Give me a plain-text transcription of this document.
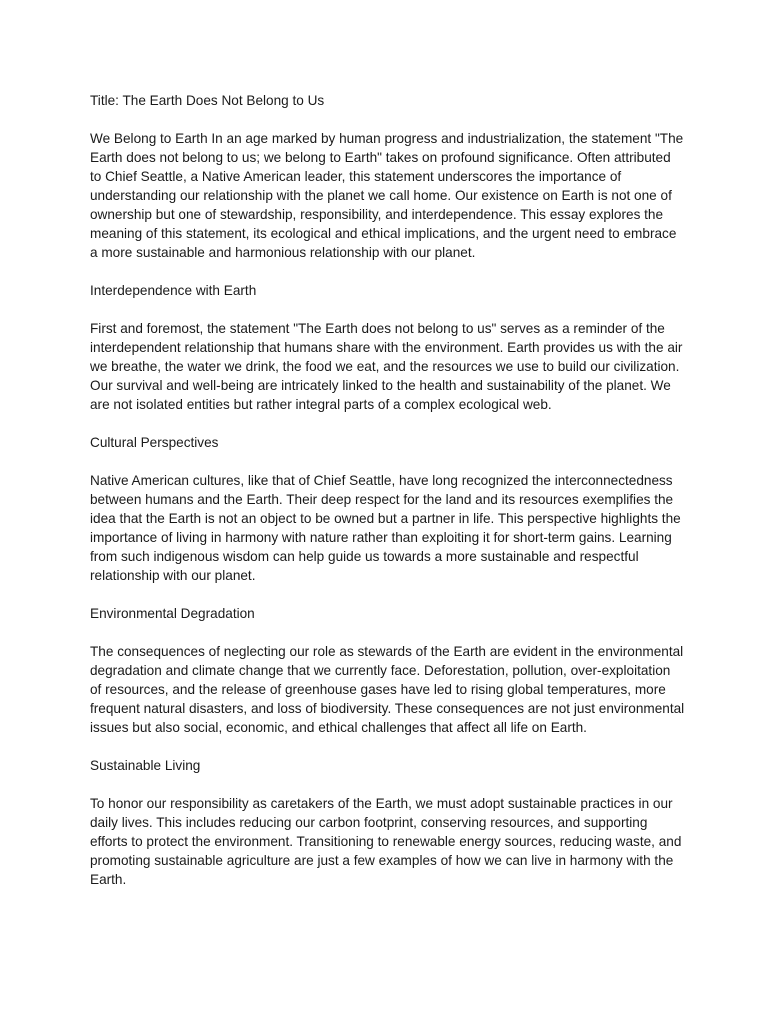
Title: The Earth Does Not Belong to Us

We Belong to Earth In an age marked by human progress and industrialization, the statement "The Earth does not belong to us; we belong to Earth" takes on profound significance. Often attributed to Chief Seattle, a Native American leader, this statement underscores the importance of understanding our relationship with the planet we call home. Our existence on Earth is not one of ownership but one of stewardship, responsibility, and interdependence. This essay explores the meaning of this statement, its ecological and ethical implications, and the urgent need to embrace a more sustainable and harmonious relationship with our planet.

Interdependence with Earth

First and foremost, the statement "The Earth does not belong to us" serves as a reminder of the interdependent relationship that humans share with the environment. Earth provides us with the air we breathe, the water we drink, the food we eat, and the resources we use to build our civilization. Our survival and well-being are intricately linked to the health and sustainability of the planet. We are not isolated entities but rather integral parts of a complex ecological web.

Cultural Perspectives

Native American cultures, like that of Chief Seattle, have long recognized the interconnectedness between humans and the Earth. Their deep respect for the land and its resources exemplifies the idea that the Earth is not an object to be owned but a partner in life. This perspective highlights the importance of living in harmony with nature rather than exploiting it for short-term gains. Learning from such indigenous wisdom can help guide us towards a more sustainable and respectful relationship with our planet.

Environmental Degradation

The consequences of neglecting our role as stewards of the Earth are evident in the environmental degradation and climate change that we currently face. Deforestation, pollution, over-exploitation of resources, and the release of greenhouse gases have led to rising global temperatures, more frequent natural disasters, and loss of biodiversity. These consequences are not just environmental issues but also social, economic, and ethical challenges that affect all life on Earth.

Sustainable Living

To honor our responsibility as caretakers of the Earth, we must adopt sustainable practices in our daily lives. This includes reducing our carbon footprint, conserving resources, and supporting efforts to protect the environment. Transitioning to renewable energy sources, reducing waste, and promoting sustainable agriculture are just a few examples of how we can live in harmony with the Earth.
